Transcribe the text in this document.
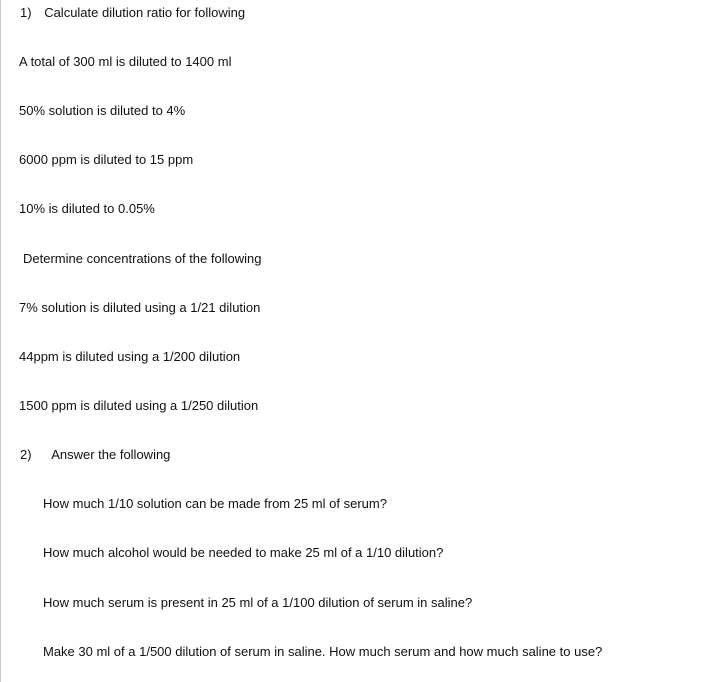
1) Calculate dilution ratio for following
A total of 300 ml is diluted to 1400 ml
50% solution is diluted to 4%
6000 ppm is diluted to 15 ppm
10% is diluted to 0.05%
Determine concentrations of the following
7% solution is diluted using a 1/21 dilution
44ppm is diluted using a 1/200 dilution
1500 ppm is diluted using a 1/250 dilution
2) Answer the following
How much 1/10 solution can be made from 25 ml of serum?
How much alcohol would be needed to make 25 ml of a 1/10 dilution?
How much serum is present in 25 ml of a 1/100 dilution of serum in saline?
Make 30 ml of a 1/500 dilution of serum in saline. How much serum and how much saline to use?
